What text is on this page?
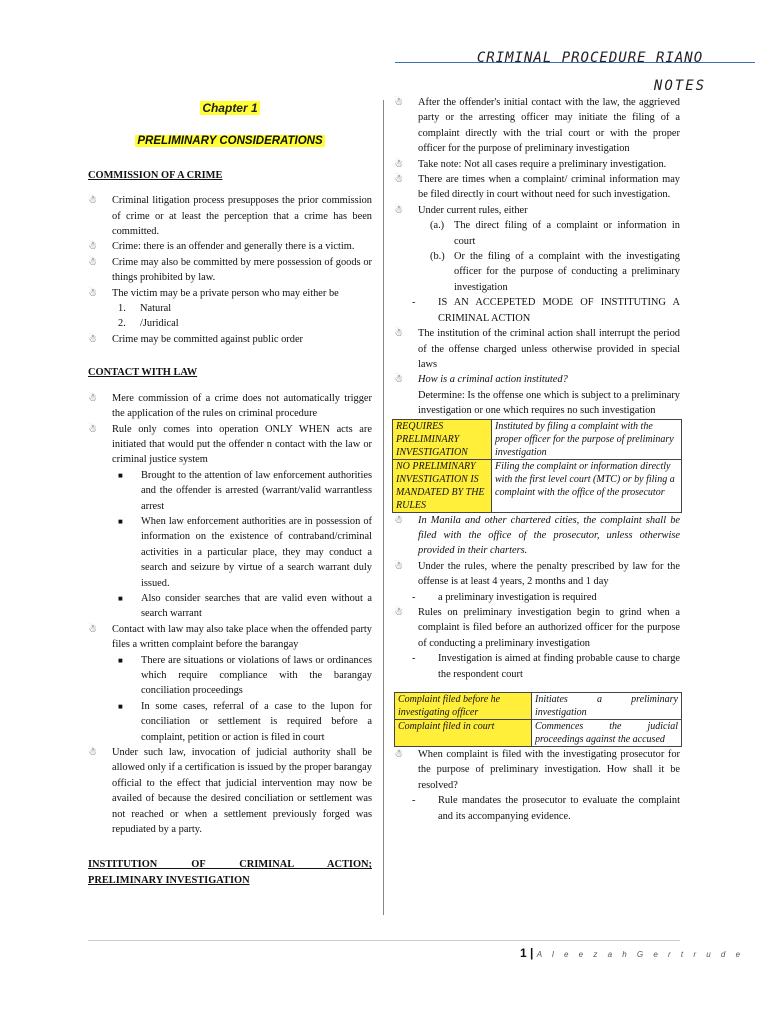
CRIMINAL PROCEDURE RIANO
NOTES
Chapter 1
PRELIMINARY CONSIDERATIONS
COMMISSION OF A CRIME
☃ Criminal litigation process presupposes the prior commission of crime or at least the perception that a crime has been committed.
☃ Crime: there is an offender and generally there is a victim.
☃ Crime may also be committed by mere possession of goods or things prohibited by law.
☃ The victim may be a private person who may either be
1. Natural
2. /Juridical
☃ Crime may be committed against public order
CONTACT WITH LAW
☃ Mere commission of a crime does not automatically trigger the application of the rules on criminal procedure
☃ Rule only comes into operation ONLY WHEN acts are initiated that would put the offender n contact with the law or criminal justice system
■ Brought to the attention of law enforcement authorities and the offender is arrested (warrant/valid warrantless arrest
■ When law enforcement authorities are in possession of information on the existence of contraband/criminal activities in a particular place, they may conduct a search and seizure by virtue of a search warrant duly issued.
■ Also consider searches that are valid even without a search warrant
☃ Contact with law may also take place when the offended party files a written complaint before the barangay
■ There are situations or violations of laws or ordinances which require compliance with the barangay conciliation proceedings
■ In some cases, referral of a case to the lupon for conciliation or settlement is required before a complaint, petition or action is filed in court
☃ Under such law, invocation of judicial authority shall be allowed only if a certification is issued by the proper barangay official to the effect that judicial intervention may now be availed of because the desired conciliation or settlement was not reached or when a settlement previously forged was repudiated by a party.
INSTITUTION OF CRIMINAL ACTION;
PRELIMINARY INVESTIGATION
☃ After the offender's initial contact with the law, the aggrieved party or the arresting officer may initiate the filing of a complaint directly with the trial court or with the proper officer for the purpose of preliminary investigation
☃ Take note: Not all cases require a preliminary investigation.
☃ There are times when a complaint/ criminal information may be filed directly in court without need for such investigation.
☃ Under current rules, either
(a.) The direct filing of a complaint or information in court
(b.) Or the filing of a complaint with the investigating officer for the purpose of conducting a preliminary investigation
- IS AN ACCEPETED MODE OF INSTITUTING A CRIMINAL ACTION
☃ The institution of the criminal action shall interrupt the period of the offense charged unless otherwise provided in special laws
☃ How is a criminal action instituted?
Determine: Is the offense one which is subject to a preliminary investigation or one which requires no such investigation
REQUIRES PRELIMINARY INVESTIGATION	Instituted by filing a complaint with the proper officer for the purpose of preliminary investigation
NO PRELIMINARY INVESTIGATION IS MANDATED BY THE RULES	Filing the complaint or information directly with the first level court (MTC) or by filing a complaint with the office of the prosecutor
☃ In Manila and other chartered cities, the complaint shall be filed with the office of the prosecutor, unless otherwise provided in their charters.
☃ Under the rules, where the penalty prescribed by law for the offense is at least 4 years, 2 months and 1 day
- a preliminary investigation is required
☃ Rules on preliminary investigation begin to grind when a complaint is filed before an authorized officer for the purpose of conducting a preliminary investigation
- Investigation is aimed at finding probable cause to charge the respondent court
Complaint filed before he investigating officer	Initiates a preliminary investigation
Complaint filed in court	Commences the judicial proceedings against the accused
☃ When complaint is filed with the investigating prosecutor for the purpose of preliminary investigation. How shall it be resolved?
- Rule mandates the prosecutor to evaluate the complaint and its accompanying evidence.
1 | A l e e z a h G e r t r u d e
